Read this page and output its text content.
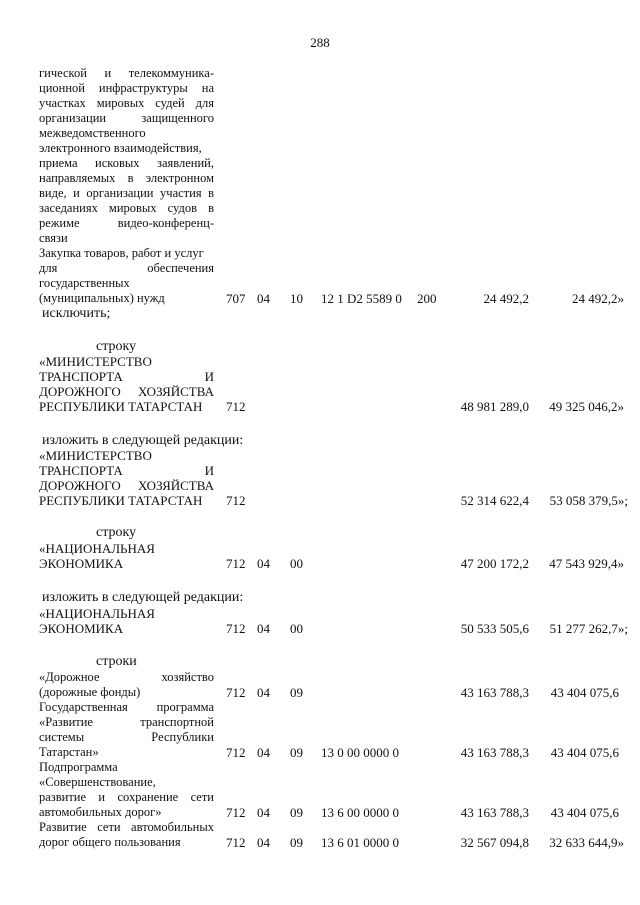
288
гической и телекоммуника-
ционной инфраструктуры на
участках мировых судей для
организации защищенного
межведомственного
электронного взаимодействия,
приема исковых заявлений,
направляемых в электронном
виде, и организации участия в
заседаниях мировых судов в
режиме видео-конференц-
связи
Закупка товаров, работ и услуг
для обеспечения
государственных
(муниципальных) нужд	707 04 10 12 1 D2 5589 0 200	24 492,2	24 492,2»
исключить;
строку
«МИНИСТЕРСТВО
ТРАНСПОРТА И
ДОРОЖНОГО ХОЗЯЙСТВА
РЕСПУБЛИКИ ТАТАРСТАН	712	48 981 289,0	49 325 046,2»
изложить в следующей редакции:
«МИНИСТЕРСТВО
ТРАНСПОРТА И
ДОРОЖНОГО ХОЗЯЙСТВА
РЕСПУБЛИКИ ТАТАРСТАН	712	52 314 622,4	53 058 379,5»;
строку
«НАЦИОНАЛЬНАЯ
ЭКОНОМИКА	712 04 00	47 200 172,2	47 543 929,4»
изложить в следующей редакции:
«НАЦИОНАЛЬНАЯ
ЭКОНОМИКА	712 04 00	50 533 505,6	51 277 262,7»;
строки
«Дорожное хозяйство
(дорожные фонды)	712 04 09	43 163 788,3	43 404 075,6
Государственная программа
«Развитие транспортной
системы Республики
Татарстан»	712 04 09 13 0 00 0000 0	43 163 788,3	43 404 075,6
Подпрограмма
«Совершенствование,
развитие и сохранение сети
автомобильных дорог»	712 04 09 13 6 00 0000 0	43 163 788,3	43 404 075,6
Развитие сети автомобильных
дорог общего пользования	712 04 09 13 6 01 0000 0	32 567 094,8	32 633 644,9»
